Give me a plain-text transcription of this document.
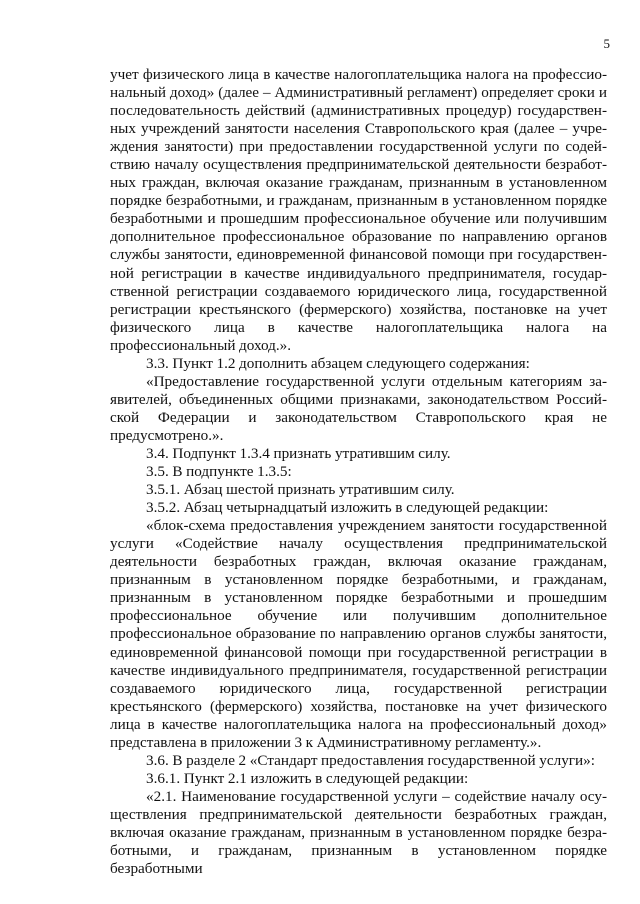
5

учет физического лица в качестве налогоплательщика налога на профессиональный доход» (далее – Административный регламент) определяет сроки и последовательность действий (административных процедур) государственных учреждений занятости населения Ставропольского края (далее – учреждения занятости) при предоставлении государственной услуги по содействию началу осуществления предпринимательской деятельности безработных граждан, включая оказание гражданам, признанным в установленном порядке безработными, и гражданам, признанным в установленном порядке безработными и прошедшим профессиональное обучение или получившим дополнительное профессиональное образование по направлению органов службы занятости, единовременной финансовой помощи при государственной регистрации в качестве индивидуального предпринимателя, государственной регистрации создаваемого юридического лица, государственной регистрации крестьянского (фермерского) хозяйства, постановке на учет физического лица в качестве налогоплательщика налога на профессиональный доход.».

3.3. Пункт 1.2 дополнить абзацем следующего содержания:

«Предоставление государственной услуги отдельным категориям заявителей, объединенных общими признаками, законодательством Российской Федерации и законодательством Ставропольского края не предусмотрено.».

3.4. Подпункт 1.3.4 признать утратившим силу.

3.5. В подпункте 1.3.5:

3.5.1. Абзац шестой признать утратившим силу.

3.5.2. Абзац четырнадцатый изложить в следующей редакции:

«блок-схема предоставления учреждением занятости государственной услуги «Содействие началу осуществления предпринимательской деятельности безработных граждан, включая оказание гражданам, признанным в установленном порядке безработными, и гражданам, признанным в установленном порядке безработными и прошедшим профессиональное обучение или получившим дополнительное профессиональное образование по направлению органов службы занятости, единовременной финансовой помощи при государственной регистрации в качестве индивидуального предпринимателя, государственной регистрации создаваемого юридического лица, государственной регистрации крестьянского (фермерского) хозяйства, постановке на учет физического лица в качестве налогоплательщика налога на профессиональный доход» представлена в приложении 3 к Административному регламенту.».

3.6. В разделе 2 «Стандарт предоставления государственной услуги»:

3.6.1. Пункт 2.1 изложить в следующей редакции:

«2.1. Наименование государственной услуги – содействие началу осуществления предпринимательской деятельности безработных граждан, включая оказание гражданам, признанным в установленном порядке безработными, и гражданам, признанным в установленном порядке безработными
